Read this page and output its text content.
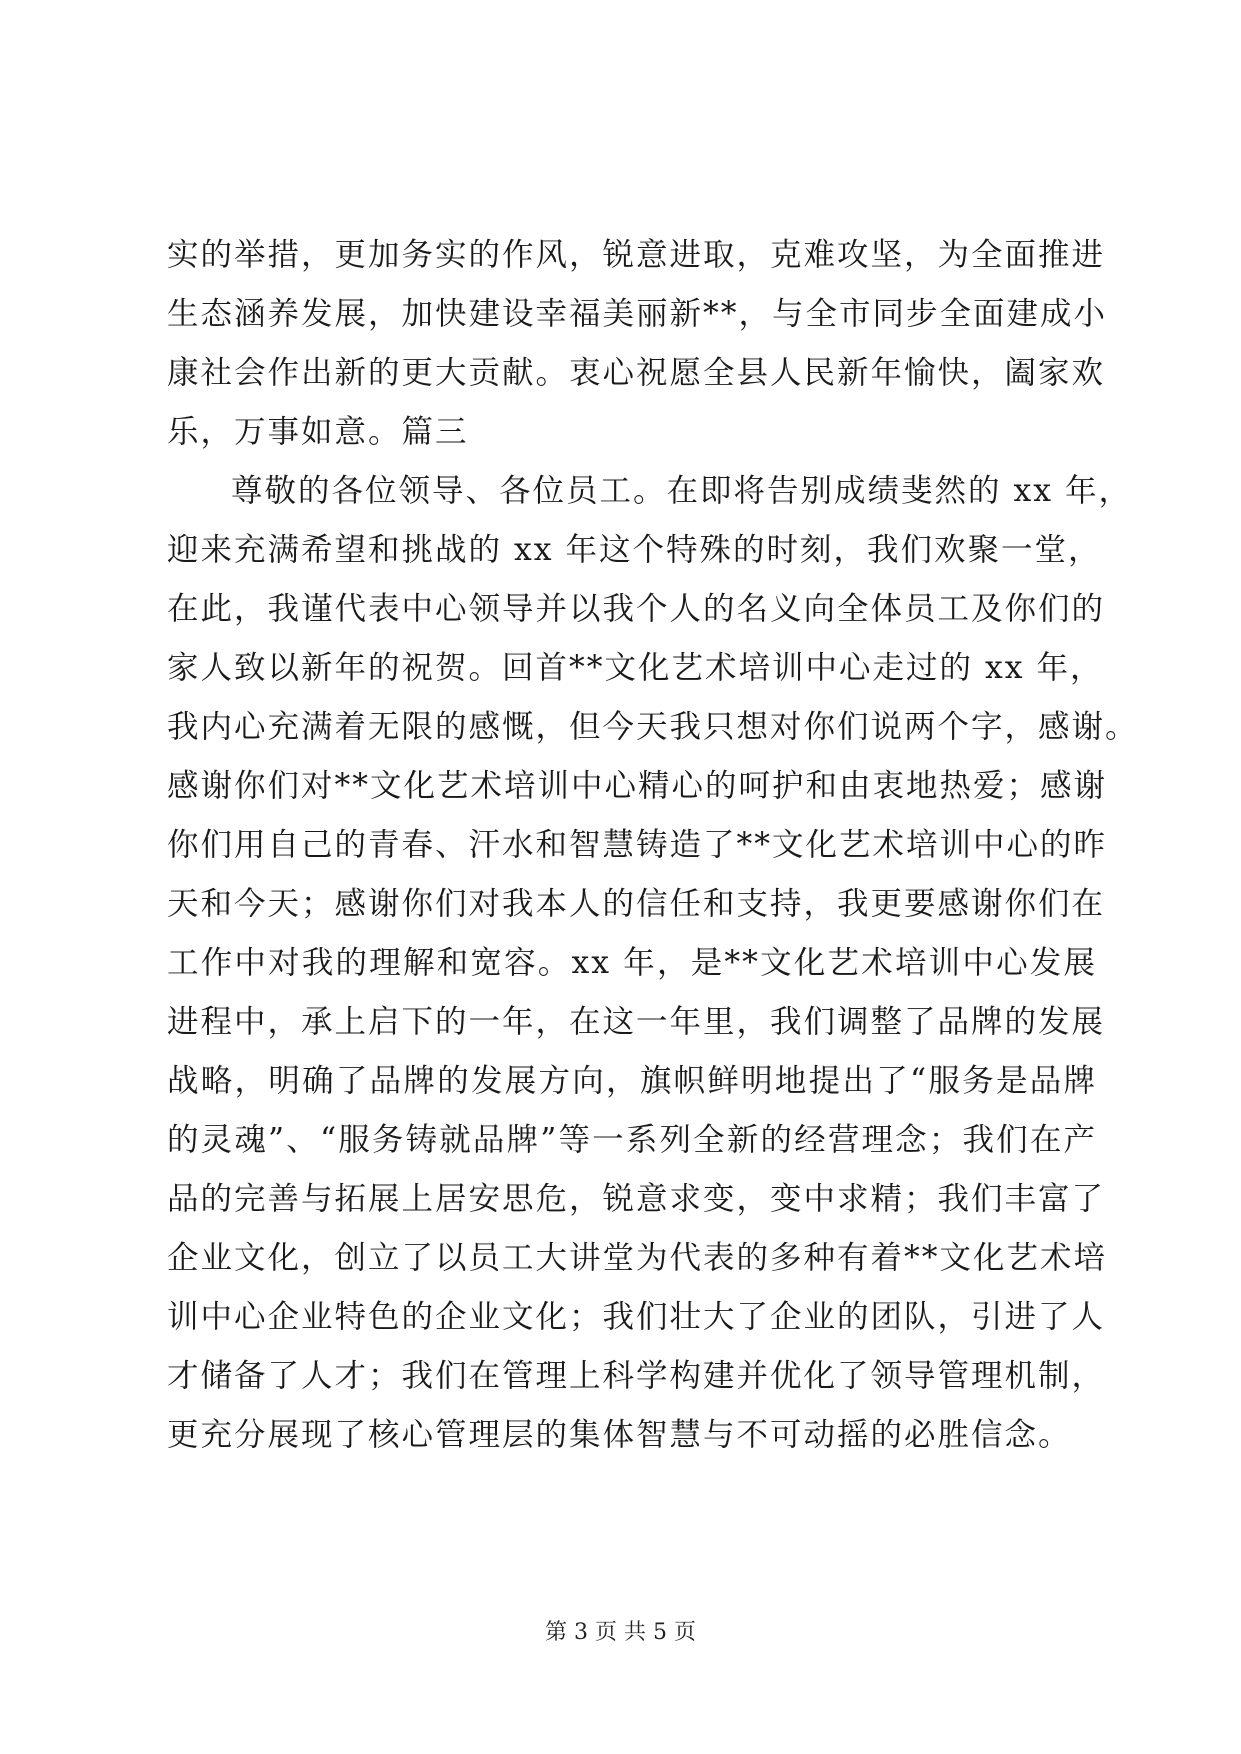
实的举措，更加务实的作风，锐意进取，克难攻坚，为全面推进
生态涵养发展，加快建设幸福美丽新**，与全市同步全面建成小
康社会作出新的更大贡献。衷心祝愿全县人民新年愉快，阖家欢
乐，万事如意。篇三
尊敬的各位领导、各位员工。在即将告别成绩斐然的 xx 年，
迎来充满希望和挑战的 xx 年这个特殊的时刻，我们欢聚一堂，
在此，我谨代表中心领导并以我个人的名义向全体员工及你们的
家人致以新年的祝贺。回首**文化艺术培训中心走过的 xx 年，
我内心充满着无限的感慨，但今天我只想对你们说两个字，感谢。
感谢你们对**文化艺术培训中心精心的呵护和由衷地热爱；感谢
你们用自己的青春、汗水和智慧铸造了**文化艺术培训中心的昨
天和今天；感谢你们对我本人的信任和支持，我更要感谢你们在
工作中对我的理解和宽容。xx 年，是**文化艺术培训中心发展
进程中，承上启下的一年，在这一年里，我们调整了品牌的发展
战略，明确了品牌的发展方向，旗帜鲜明地提出了“服务是品牌
的灵魂”、“服务铸就品牌”等一系列全新的经营理念；我们在产
品的完善与拓展上居安思危，锐意求变，变中求精；我们丰富了
企业文化，创立了以员工大讲堂为代表的多种有着**文化艺术培
训中心企业特色的企业文化；我们壮大了企业的团队，引进了人
才储备了人才；我们在管理上科学构建并优化了领导管理机制，
更充分展现了核心管理层的集体智慧与不可动摇的必胜信念。
第 3 页 共 5 页
